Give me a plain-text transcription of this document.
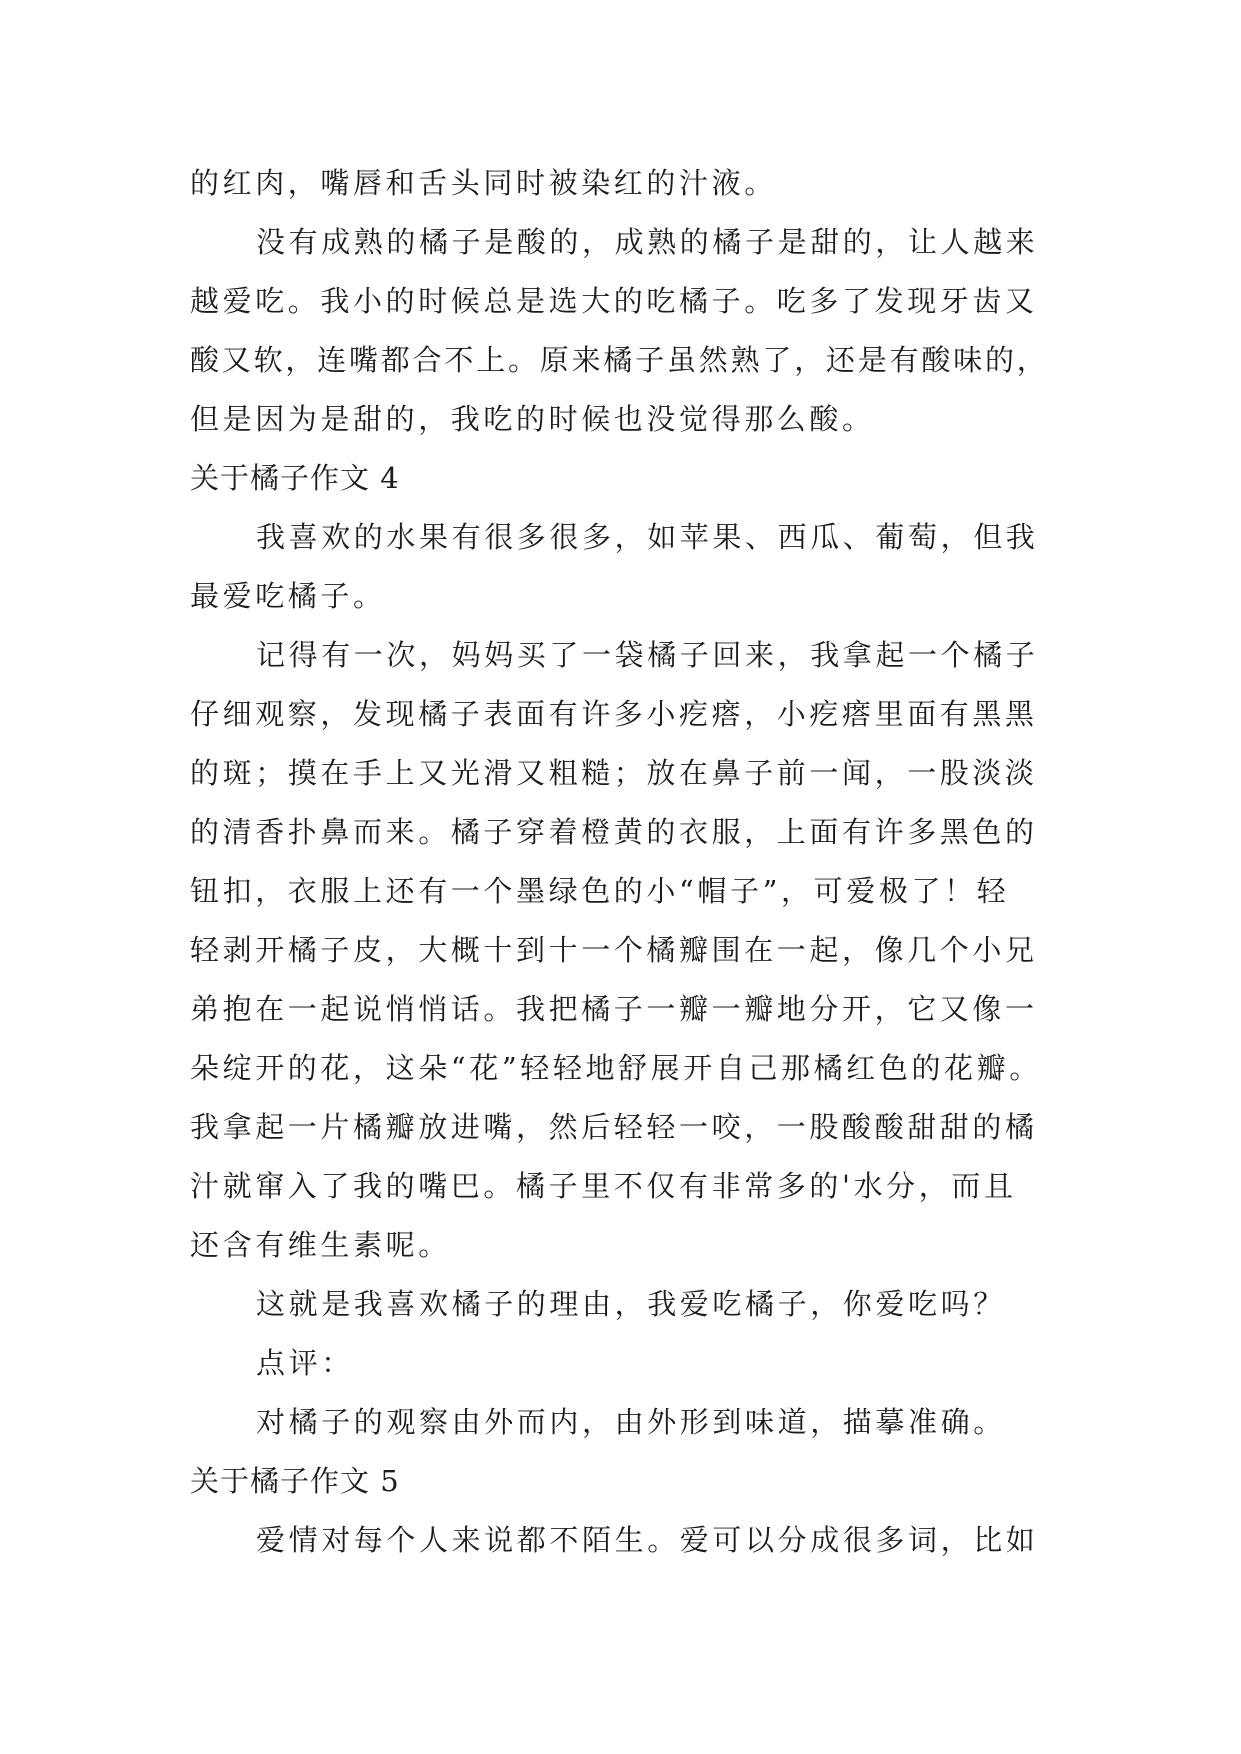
的红肉，嘴唇和舌头同时被染红的汁液。
没有成熟的橘子是酸的，成熟的橘子是甜的，让人越来
越爱吃。我小的时候总是选大的吃橘子。吃多了发现牙齿又
酸又软，连嘴都合不上。原来橘子虽然熟了，还是有酸味的，
但是因为是甜的，我吃的时候也没觉得那么酸。
关于橘子作文 4
我喜欢的水果有很多很多，如苹果、西瓜、葡萄，但我
最爱吃橘子。
记得有一次，妈妈买了一袋橘子回来，我拿起一个橘子
仔细观察，发现橘子表面有许多小疙瘩，小疙瘩里面有黑黑
的斑；摸在手上又光滑又粗糙；放在鼻子前一闻，一股淡淡
的清香扑鼻而来。橘子穿着橙黄的衣服，上面有许多黑色的
钮扣，衣服上还有一个墨绿色的小“帽子”，可爱极了！轻
轻剥开橘子皮，大概十到十一个橘瓣围在一起，像几个小兄
弟抱在一起说悄悄话。我把橘子一瓣一瓣地分开，它又像一
朵绽开的花，这朵“花”轻轻地舒展开自己那橘红色的花瓣。
我拿起一片橘瓣放进嘴，然后轻轻一咬，一股酸酸甜甜的橘
汁就窜入了我的嘴巴。橘子里不仅有非常多的'水分，而且
还含有维生素呢。
这就是我喜欢橘子的理由，我爱吃橘子，你爱吃吗？
点评：
对橘子的观察由外而内，由外形到味道，描摹准确。
关于橘子作文 5
爱情对每个人来说都不陌生。爱可以分成很多词，比如
